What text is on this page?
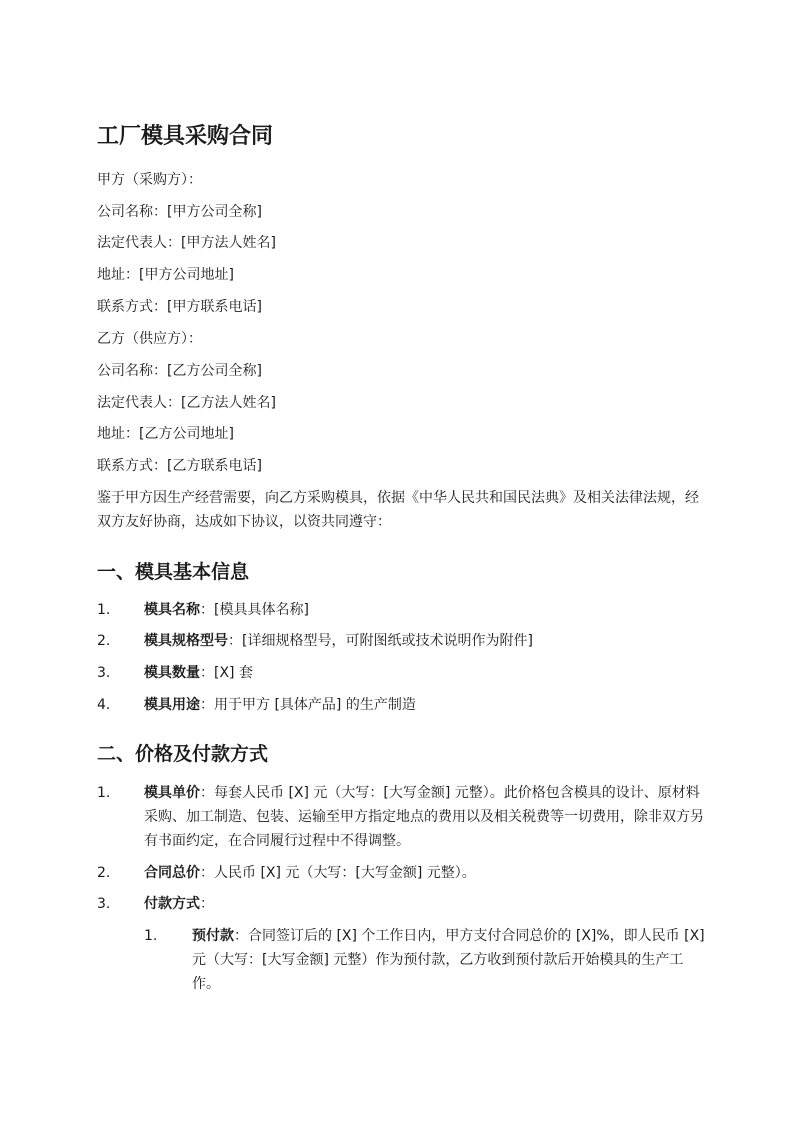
工厂模具采购合同

甲方（采购方）：

公司名称：[甲方公司全称]

法定代表人：[甲方法人姓名]

地址：[甲方公司地址]

联系方式：[甲方联系电话]

乙方（供应方）：

公司名称：[乙方公司全称]

法定代表人：[乙方法人姓名]

地址：[乙方公司地址]

联系方式：[乙方联系电话]

鉴于甲方因生产经营需要，向乙方采购模具，依据《中华人民共和国民法典》及相关法律法规，经双方友好协商，达成如下协议，以资共同遵守：

一、模具基本信息
1. 模具名称：[模具具体名称]
2. 模具规格型号：[详细规格型号，可附图纸或技术说明作为附件]
3. 模具数量：[X] 套
4. 模具用途：用于甲方 [具体产品] 的生产制造
二、价格及付款方式
1. 模具单价：每套人民币 [X] 元（大写：[大写金额] 元整）。此价格包含模具的设计、原材料采购、加工制造、包装、运输至甲方指定地点的费用以及相关税费等一切费用，除非双方另有书面约定，在合同履行过程中不得调整。
2. 合同总价：人民币 [X] 元（大写：[大写金额] 元整）。
3. 付款方式：
1. 预付款：合同签订后的 [X] 个工作日内，甲方支付合同总价的 [X]%，即人民币 [X] 元（大写：[大写金额] 元整）作为预付款，乙方收到预付款后开始模具的生产工作。
